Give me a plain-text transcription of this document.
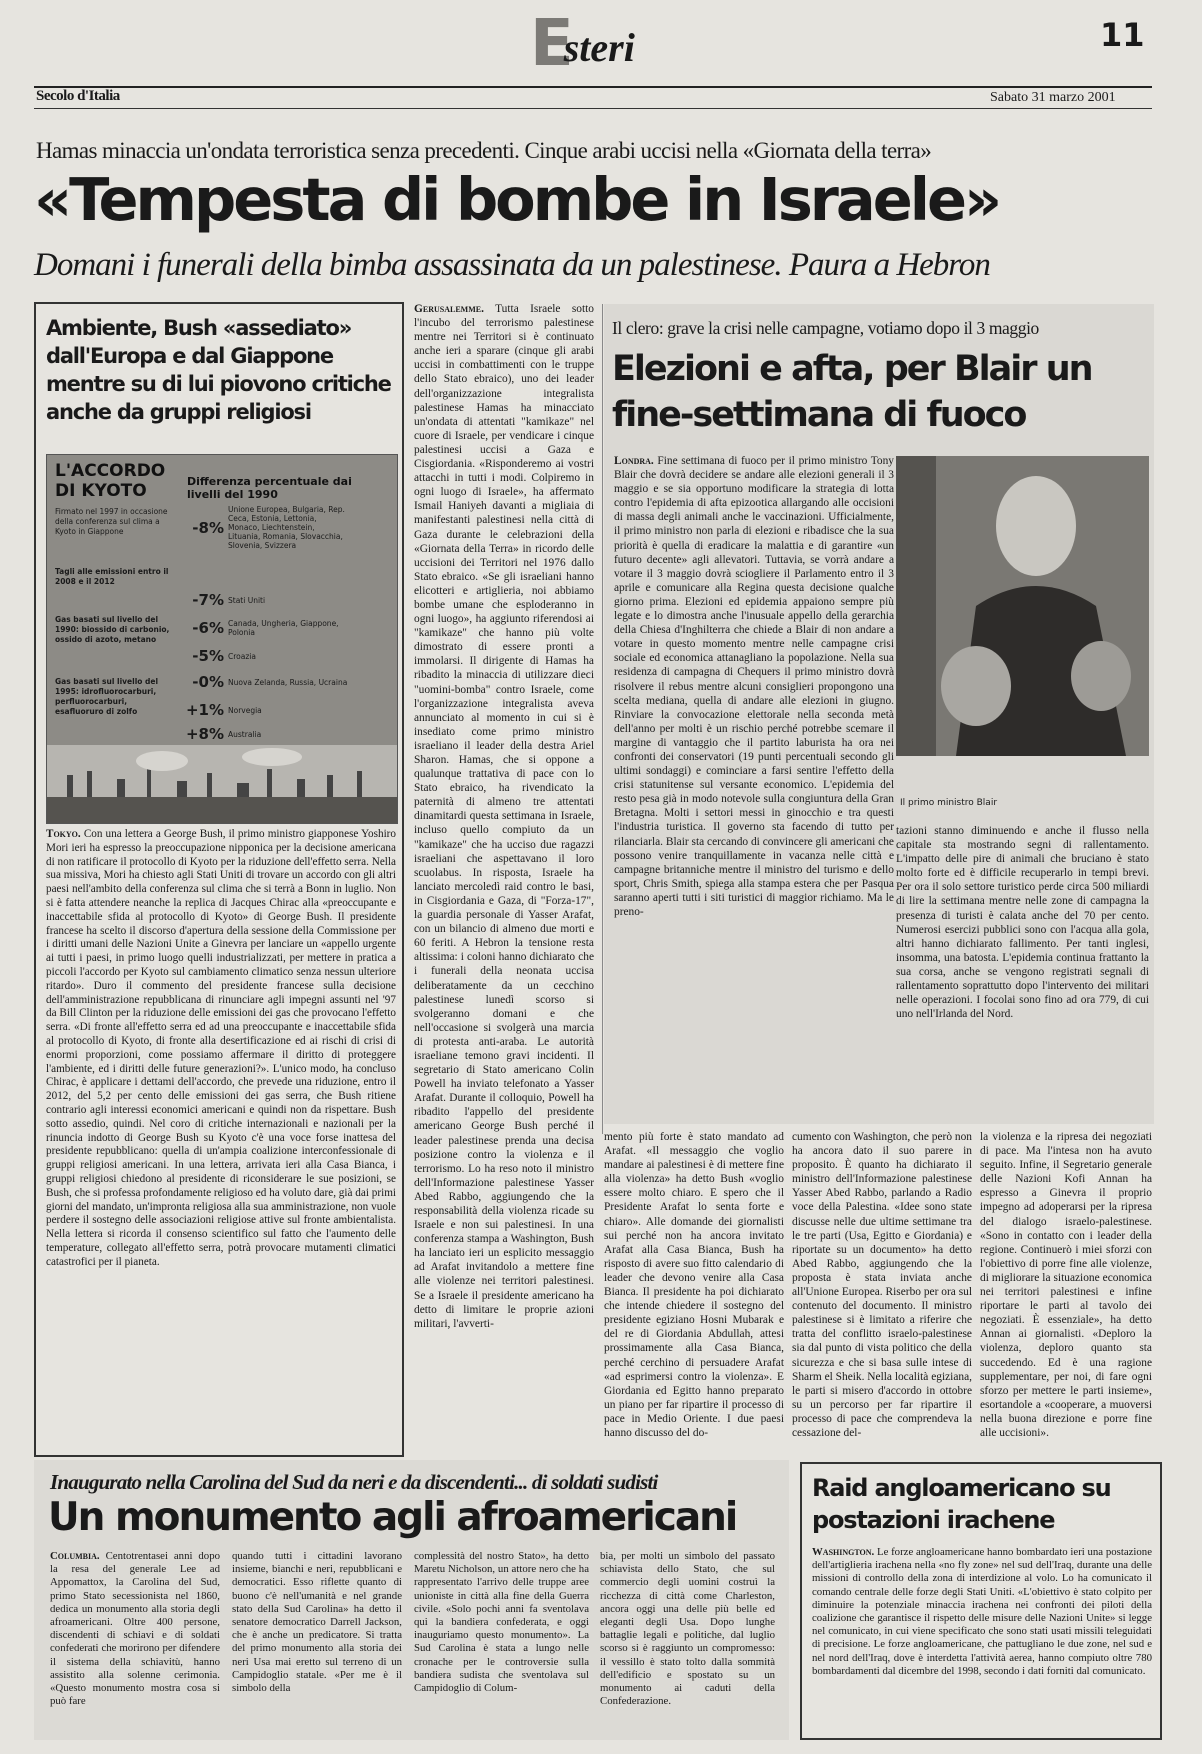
Esteri	11
Secolo d'Italia	Sabato 31 marzo 2001
Hamas minaccia un'ondata terroristica senza precedenti. Cinque arabi uccisi nella «Giornata della terra»
«Tempesta di bombe in Israele»
Domani i funerali della bimba assassinata da un palestinese. Paura a Hebron
Ambiente, Bush «assediato» dall'Europa e dal Giappone mentre su di lui piovono critiche anche da gruppi religiosi
L'ACCORDO
DI KYOTO
Firmato nel 1997 in occasione della conferenza sul clima a Kyoto in Giappone
Tagli alle emissioni entro il 2008 e il 2012
Gas basati sul livello del 1990: biossido di carbonio, ossido di azoto, metano
Gas basati sul livello del 1995: idrofluorocarburi, perfluorocarburi, esafluoruro di zolfo
Differenza percentuale dai livelli del 1990
-8%
Unione Europea, Bulgaria, Rep. Ceca, Estonia, Lettonia, Monaco, Liechtenstein, Lituania, Romania, Slovacchia, Slovenia, Svizzera
-7% Stati Uniti
-6% Canada, Ungheria, Giappone, Polonia
-5% Croazia
-0% Nuova Zelanda, Russia, Ucraina
+1% Norvegia
+8% Australia

Tokyo. Con una lettera a George Bush, il primo ministro giapponese Yoshiro Mori ieri ha espresso la preoccupazione nipponica per la decisione americana di non ratificare il protocollo di Kyoto per la riduzione dell'effetto serra. Nella sua missiva, Mori ha chiesto agli Stati Uniti di trovare un accordo con gli altri paesi nell'ambito della conferenza sul clima che si terrà a Bonn in luglio. Non si è fatta attendere neanche la replica di Jacques Chirac alla «preoccupante e inaccettabile sfida al protocollo di Kyoto» di George Bush. Il presidente francese ha scelto il discorso d'apertura della sessione della Commissione per i diritti umani delle Nazioni Unite a Ginevra per lanciare un «appello urgente ai tutti i paesi, in primo luogo quelli industrializzati, per mettere in pratica a piccoli l'accordo per Kyoto sul cambiamento climatico senza nessun ulteriore ritardo». Duro il commento del presidente francese sulla decisione dell'amministrazione repubblicana di rinunciare agli impegni assunti nel '97 da Bill Clinton per la riduzione delle emissioni dei gas che provocano l'effetto serra. «Di fronte all'effetto serra ed ad una preoccupante e inaccettabile sfida al protocollo di Kyoto, di fronte alla desertificazione ed ai rischi di crisi di enormi proporzioni, come possiamo affermare il diritto di proteggere l'ambiente, ed i diritti delle future generazioni?». L'unico modo, ha concluso Chirac, è applicare i dettami dell'accordo, che prevede una riduzione, entro il 2012, del 5,2 per cento delle emissioni dei gas serra, che Bush ritiene contrario agli interessi economici americani e quindi non da rispettare. Bush sotto assedio, quindi. Nel coro di critiche internazionali e nazionali per la rinuncia indotto di George Bush su Kyoto c'è una voce forse inattesa del presidente repubblicano: quella di un'ampia coalizione interconfessionale di gruppi religiosi americani. In una lettera, arrivata ieri alla Casa Bianca, i gruppi religiosi chiedono al presidente di riconsiderare le sue posizioni, se Bush, che si professa profondamente religioso ed ha voluto dare, già dai primi giorni del mandato, un'impronta religiosa alla sua amministrazione, non vuole perdere il sostegno delle associazioni religiose attive sul fronte ambientalista. Nella lettera si ricorda il consenso scientifico sul fatto che l'aumento delle temperature, collegato all'effetto serra, potrà provocare mutamenti climatici catastrofici per il pianeta.

Gerusalemme. Tutta Israele sotto l'incubo del terrorismo palestinese mentre nei Territori si è continuato anche ieri a sparare (cinque gli arabi uccisi in combattimenti con le truppe dello Stato ebraico), uno dei leader dell'organizzazione integralista palestinese Hamas ha minacciato un'ondata di attentati "kamikaze" nel cuore di Israele, per vendicare i cinque palestinesi uccisi a Gaza e Cisgiordania. «Risponderemo ai vostri attacchi in tutti i modi. Colpiremo in ogni luogo di Israele», ha affermato Ismail Haniyeh davanti a migliaia di manifestanti palestinesi nella città di Gaza durante le celebrazioni della «Giornata della Terra» in ricordo delle uccisioni dei Territori nel 1976 dallo Stato ebraico. «Se gli israeliani hanno elicotteri e artiglieria, noi abbiamo bombe umane che esploderanno in ogni luogo», ha aggiunto riferendosi ai "kamikaze" che hanno più volte dimostrato di essere pronti a immolarsi. Il dirigente di Hamas ha ribadito la minaccia di utilizzare dieci "uomini-bomba" contro Israele, come l'organizzazione integralista aveva annunciato al momento in cui si è insediato come primo ministro israeliano il leader della destra Ariel Sharon. Hamas, che si oppone a qualunque trattativa di pace con lo Stato ebraico, ha rivendicato la paternità di almeno tre attentati dinamitardi questa settimana in Israele, incluso quello compiuto da un "kamikaze" che ha ucciso due ragazzi israeliani che aspettavano il loro scuolabus. In risposta, Israele ha lanciato mercoledì raid contro le basi, in Cisgiordania e Gaza, di "Forza-17", la guardia personale di Yasser Arafat, con un bilancio di almeno due morti e 60 feriti. A Hebron la tensione resta altissima: i coloni hanno dichiarato che i funerali della neonata uccisa deliberatamente da un cecchino palestinese lunedì scorso si svolgeranno domani e che nell'occasione si svolgerà una marcia di protesta anti-araba. Le autorità israeliane temono gravi incidenti. Il segretario di Stato americano Colin Powell ha inviato telefonato a Yasser Arafat. Durante il colloquio, Powell ha ribadito l'appello del presidente americano George Bush perché il leader palestinese prenda una decisa posizione contro la violenza e il terrorismo. Lo ha reso noto il ministro dell'Informazione palestinese Yasser Abed Rabbo, aggiungendo che la responsabilità della violenza ricade su Israele e non sui palestinesi. In una conferenza stampa a Washington, Bush ha lanciato ieri un esplicito messaggio ad Arafat invitandolo a mettere fine alle violenze nei territori palestinesi. Se a Israele il presidente americano ha detto di limitare le proprie azioni militari, l'avverti-

Il clero: grave la crisi nelle campagne, votiamo dopo il 3 maggio
Elezioni e afta, per Blair un fine-settimana di fuoco

Londra. Fine settimana di fuoco per il primo ministro Tony Blair che dovrà decidere se andare alle elezioni generali il 3 maggio e se sia opportuno modificare la strategia di lotta contro l'epidemia di afta epizootica allargando alle occisioni di massa degli animali anche le vaccinazioni. Ufficialmente, il primo ministro non parla di elezioni e ribadisce che la sua priorità è quella di eradicare la malattia e di garantire «un futuro decente» agli allevatori. Tuttavia, se vorrà andare a votare il 3 maggio dovrà sciogliere il Parlamento entro il 3 aprile e comunicare alla Regina questa decisione qualche giorno prima. Elezioni ed epidemia appaiono sempre più legate e lo dimostra anche l'inusuale appello della gerarchia della Chiesa d'Inghilterra che chiede a Blair di non andare a votare in questo momento mentre nelle campagne crisi sociale ed economica attanagliano la popolazione. Nella sua residenza di campagna di Chequers il primo ministro dovrà risolvere il rebus mentre alcuni consiglieri propongono una scelta mediana, quella di andare alle elezioni in giugno. Rinviare la convocazione elettorale nella seconda metà dell'anno per molti è un rischio perché potrebbe scemare il margine di vantaggio che il partito laburista ha ora nei confronti dei conservatori (19 punti percentuali secondo gli ultimi sondaggi) e cominciare a farsi sentire l'effetto della crisi statunitense sul versante economico. L'epidemia del resto pesa già in modo notevole sulla congiuntura della Gran Bretagna. Molti i settori messi in ginocchio e tra questi l'industria turistica. Il governo sta facendo di tutto per rilanciarla. Blair sta cercando di convincere gli americani che possono venire tranquillamente in vacanza nelle città e campagne britanniche mentre il ministro del turismo e dello sport, Chris Smith, spiega alla stampa estera che per Pasqua saranno aperti tutti i siti turistici di maggior richiamo. Ma le preno-

Il primo ministro Blair

tazioni stanno diminuendo e anche il flusso nella capitale sta mostrando segni di rallentamento. L'impatto delle pire di animali che bruciano è stato molto forte ed è difficile recuperarlo in tempi brevi. Per ora il solo settore turistico perde circa 500 miliardi di lire la settimana mentre nelle zone di campagna la presenza di turisti è calata anche del 70 per cento. Numerosi esercizi pubblici sono con l'acqua alla gola, altri hanno dichiarato fallimento. Per tanti inglesi, insomma, una batosta. L'epidemia continua frattanto la sua corsa, anche se vengono registrati segnali di rallentamento soprattutto dopo l'intervento dei militari nelle operazioni. I focolai sono fino ad ora 779, di cui uno nell'Irlanda del Nord.

mento più forte è stato mandato ad Arafat. «Il messaggio che voglio mandare ai palestinesi è di mettere fine alla violenza» ha detto Bush «voglio essere molto chiaro. E spero che il Presidente Arafat lo senta forte e chiaro». Alle domande dei giornalisti sui perché non ha ancora invitato Arafat alla Casa Bianca, Bush ha risposto di avere suo fitto calendario di leader che devono venire alla Casa Bianca. Il presidente ha poi dichiarato che intende chiedere il sostegno del presidente egiziano Hosni Mubarak e del re di Giordania Abdullah, attesi prossimamente alla Casa Bianca, perché cerchino di persuadere Arafat «ad esprimersi contro la violenza». E Giordania ed Egitto hanno preparato un piano per far ripartire il processo di pace in Medio Oriente. I due paesi hanno discusso del do-

cumento con Washington, che però non ha ancora dato il suo parere in proposito. È quanto ha dichiarato il ministro dell'Informazione palestinese Yasser Abed Rabbo, parlando a Radio voce della Palestina. «Idee sono state discusse nelle due ultime settimane tra le tre parti (Usa, Egitto e Giordania) e riportate su un documento» ha detto Abed Rabbo, aggiungendo che la proposta è stata inviata anche all'Unione Europea. Riserbo per ora sul contenuto del documento. Il ministro palestinese si è limitato a riferire che tratta del conflitto israelo-palestinese sia dal punto di vista politico che della sicurezza e che si basa sulle intese di Sharm el Sheik. Nella località egiziana, le parti si misero d'accordo in ottobre su un percorso per far ripartire il processo di pace che comprendeva la cessazione del-

la violenza e la ripresa dei negoziati di pace. Ma l'intesa non ha avuto seguito. Infine, il Segretario generale delle Nazioni Kofi Annan ha espresso a Ginevra il proprio impegno ad adoperarsi per la ripresa del dialogo israelo-palestinese. «Sono in contatto con i leader della regione. Continuerò i miei sforzi con l'obiettivo di porre fine alle violenze, di migliorare la situazione economica nei territori palestinesi e infine riportare le parti al tavolo dei negoziati. È essenziale», ha detto Annan ai giornalisti. «Deploro la violenza, deploro quanto sta succedendo. Ed è una ragione supplementare, per noi, di fare ogni sforzo per mettere le parti insieme», esortandole a «cooperare, a muoversi nella buona direzione e porre fine alle uccisioni».

Inaugurato nella Carolina del Sud da neri e da discendenti... di soldati sudisti
Un monumento agli afroamericani

Columbia. Centotrentasei anni dopo la resa del generale Lee ad Appomattox, la Carolina del Sud, primo Stato secessionista nel 1860, dedica un monumento alla storia degli afroamericani. Oltre 400 persone, discendenti di schiavi e di soldati confederati che morirono per difendere il sistema della schiavitù, hanno assistito alla solenne cerimonia. «Questo monumento mostra cosa si può fare

quando tutti i cittadini lavorano insieme, bianchi e neri, repubblicani e democratici. Esso riflette quanto di buono c'è nell'umanità e nel grande stato della Sud Carolina» ha detto il senatore democratico Darrell Jackson, che è anche un predicatore. Si tratta del primo monumento alla storia dei neri Usa mai eretto sul terreno di un Campidoglio statale. «Per me è il simbolo della

complessità del nostro Stato», ha detto Maretu Nicholson, un attore nero che ha rappresentato l'arrivo delle truppe aree unioniste in città alla fine della Guerra civile. «Solo pochi anni fa sventolava qui la bandiera confederata, e oggi inauguriamo questo monumento». La Sud Carolina è stata a lungo nelle cronache per le controversie sulla bandiera sudista che sventolava sul Campidoglio di Colum-

bia, per molti un simbolo del passato schiavista dello Stato, che sul commercio degli uomini costruì la ricchezza di città come Charleston, ancora oggi una delle più belle ed eleganti degli Usa. Dopo lunghe battaglie legali e politiche, dal luglio scorso si è raggiunto un compromesso: il vessillo è stato tolto dalla sommità dell'edificio e spostato su un monumento ai caduti della Confederazione.

Raid angloamericano su postazioni irachene

Washington. Le forze angloamericane hanno bombardato ieri una postazione dell'artiglieria irachena nella «no fly zone» nel sud dell'Iraq, durante una delle missioni di controllo della zona di interdizione al volo. Lo ha comunicato il comando centrale delle forze degli Stati Uniti. «L'obiettivo è stato colpito per diminuire la potenziale minaccia irachena nei confronti dei piloti della coalizione che garantisce il rispetto delle misure delle Nazioni Unite» si legge nel comunicato, in cui viene specificato che sono stati usati missili teleguidati di precisione. Le forze angloamericane, che pattugliano le due zone, nel sud e nel nord dell'Iraq, dove è interdetta l'attività aerea, hanno compiuto oltre 780 bombardamenti dal dicembre del 1998, secondo i dati forniti dal comunicato.
